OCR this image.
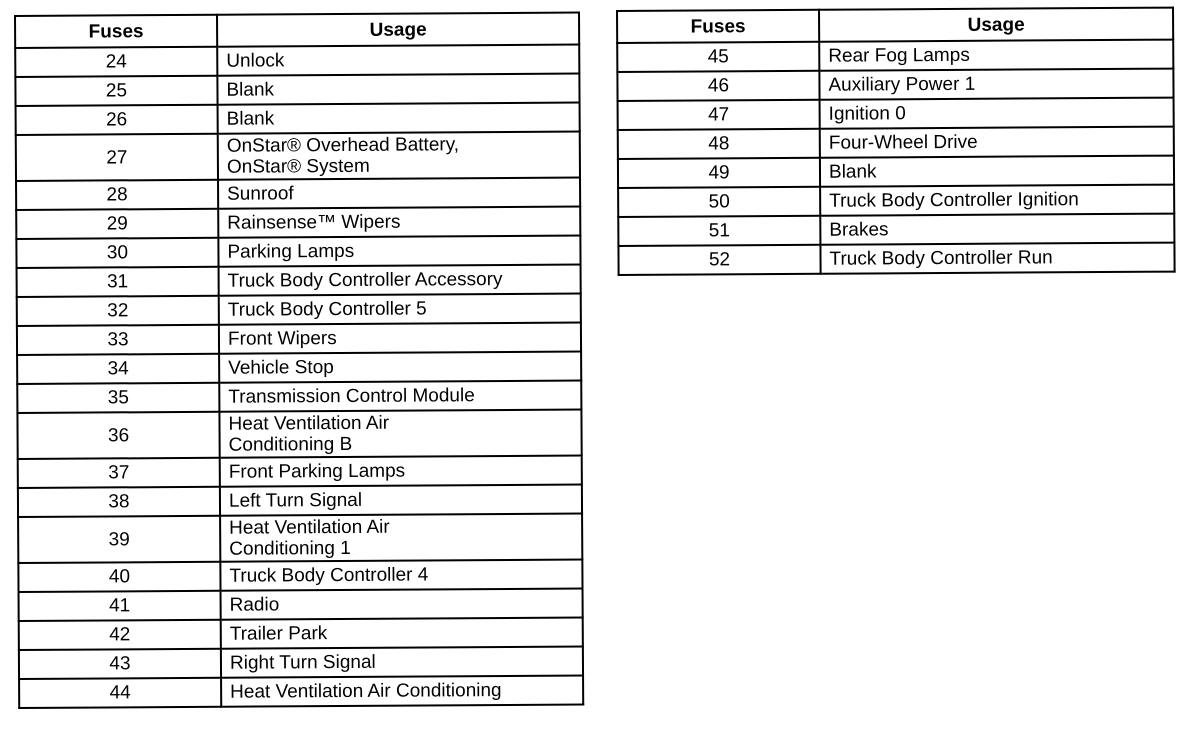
Fuses	Usage
24	Unlock
25	Blank
26	Blank
27	OnStar® Overhead Battery,
OnStar® System
28	Sunroof
29	Rainsense™ Wipers
30	Parking Lamps
31	Truck Body Controller Accessory
32	Truck Body Controller 5
33	Front Wipers
34	Vehicle Stop
35	Transmission Control Module
36	Heat Ventilation Air
Conditioning B
37	Front Parking Lamps
38	Left Turn Signal
39	Heat Ventilation Air
Conditioning 1
40	Truck Body Controller 4
41	Radio
42	Trailer Park
43	Right Turn Signal
44	Heat Ventilation Air Conditioning
Fuses	Usage
45	Rear Fog Lamps
46	Auxiliary Power 1
47	Ignition 0
48	Four-Wheel Drive
49	Blank
50	Truck Body Controller Ignition
51	Brakes
52	Truck Body Controller Run
